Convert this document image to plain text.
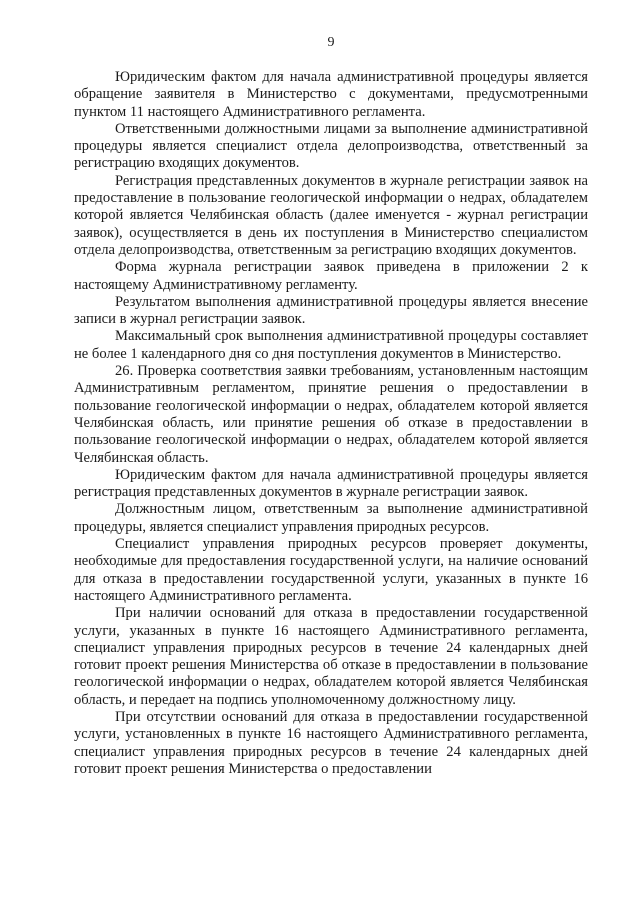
9

Юридическим фактом для начала административной процедуры является обращение заявителя в Министерство с документами, предусмотренными пунктом 11 настоящего Административного регламента.

Ответственными должностными лицами за выполнение административной процедуры является специалист отдела делопроизводства, ответственный за регистрацию входящих документов.

Регистрация представленных документов в журнале регистрации заявок на предоставление в пользование геологической информации о недрах, обладателем которой является Челябинская область (далее именуется - журнал регистрации заявок), осуществляется в день их поступления в Министерство специалистом отдела делопроизводства, ответственным за регистрацию входящих документов.

Форма журнала регистрации заявок приведена в приложении 2 к настоящему Административному регламенту.

Результатом выполнения административной процедуры является внесение записи в журнал регистрации заявок.

Максимальный срок выполнения административной процедуры составляет не более 1 календарного дня со дня поступления документов в Министерство.

26. Проверка соответствия заявки требованиям, установленным настоящим Административным регламентом, принятие решения о предоставлении в пользование геологической информации о недрах, обладателем которой является Челябинская область, или принятие решения об отказе в предоставлении в пользование геологической информации о недрах, обладателем которой является Челябинская область.

Юридическим фактом для начала административной процедуры является регистрация представленных документов в журнале регистрации заявок.

Должностным лицом, ответственным за выполнение административной процедуры, является специалист управления природных ресурсов.

Специалист управления природных ресурсов проверяет документы, необходимые для предоставления государственной услуги, на наличие оснований для отказа в предоставлении государственной услуги, указанных в пункте 16 настоящего Административного регламента.

При наличии оснований для отказа в предоставлении государственной услуги, указанных в пункте 16 настоящего Административного регламента, специалист управления природных ресурсов в течение 24 календарных дней готовит проект решения Министерства об отказе в предоставлении в пользование геологической информации о недрах, обладателем которой является Челябинская область, и передает на подпись уполномоченному должностному лицу.

При отсутствии оснований для отказа в предоставлении государственной услуги, установленных в пункте 16 настоящего Административного регламента, специалист управления природных ресурсов в течение 24 календарных дней готовит проект решения Министерства о предоставлении
